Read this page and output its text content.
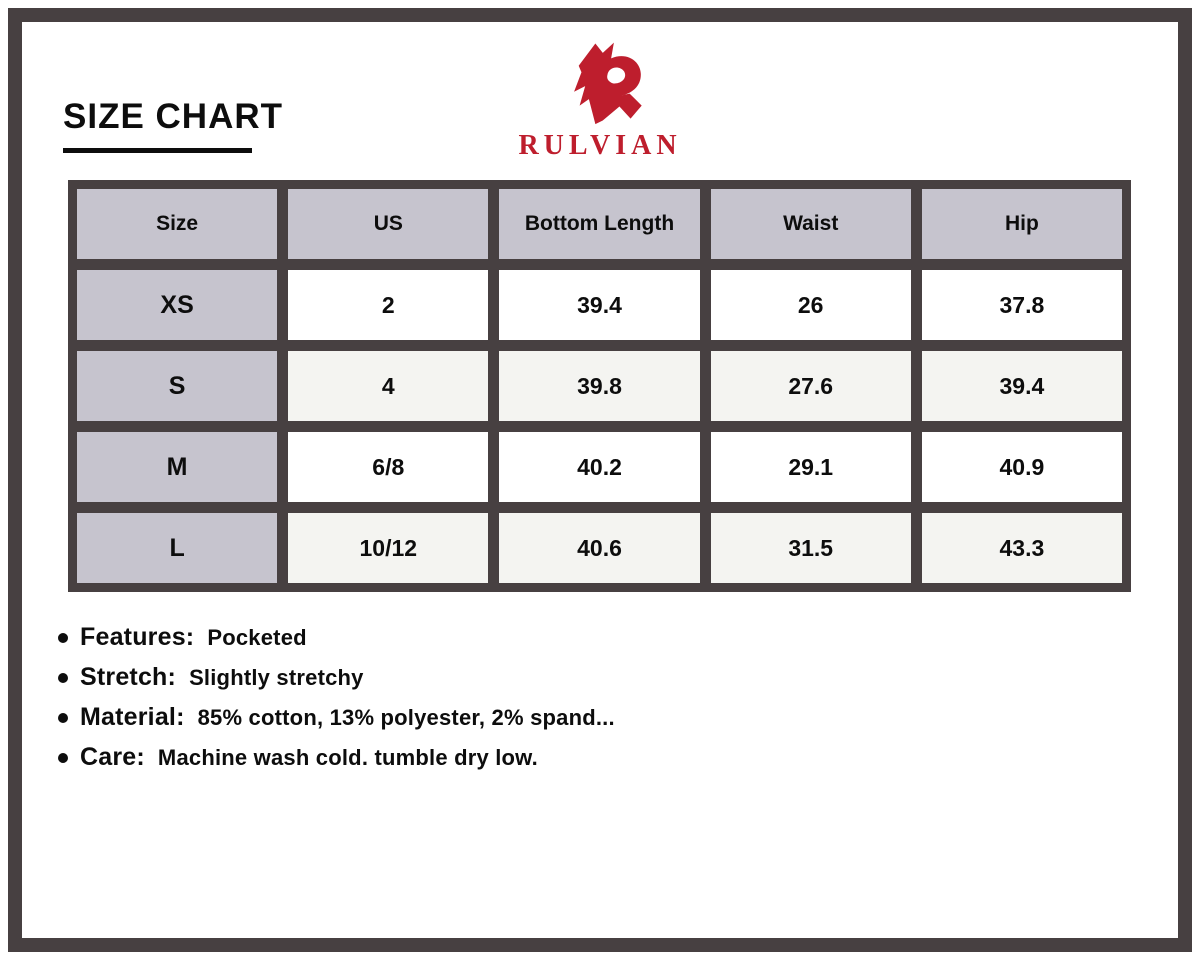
SIZE CHART
RULVIAN
Size	US	Bottom Length	Waist	Hip
XS	2	39.4	26	37.8
S	4	39.8	27.6	39.4
M	6/8	40.2	29.1	40.9
L	10/12	40.6	31.5	43.3
Features: Pocketed
Stretch: Slightly stretchy
Material: 85% cotton, 13% polyester, 2% spand...
Care: Machine wash cold. tumble dry low.
